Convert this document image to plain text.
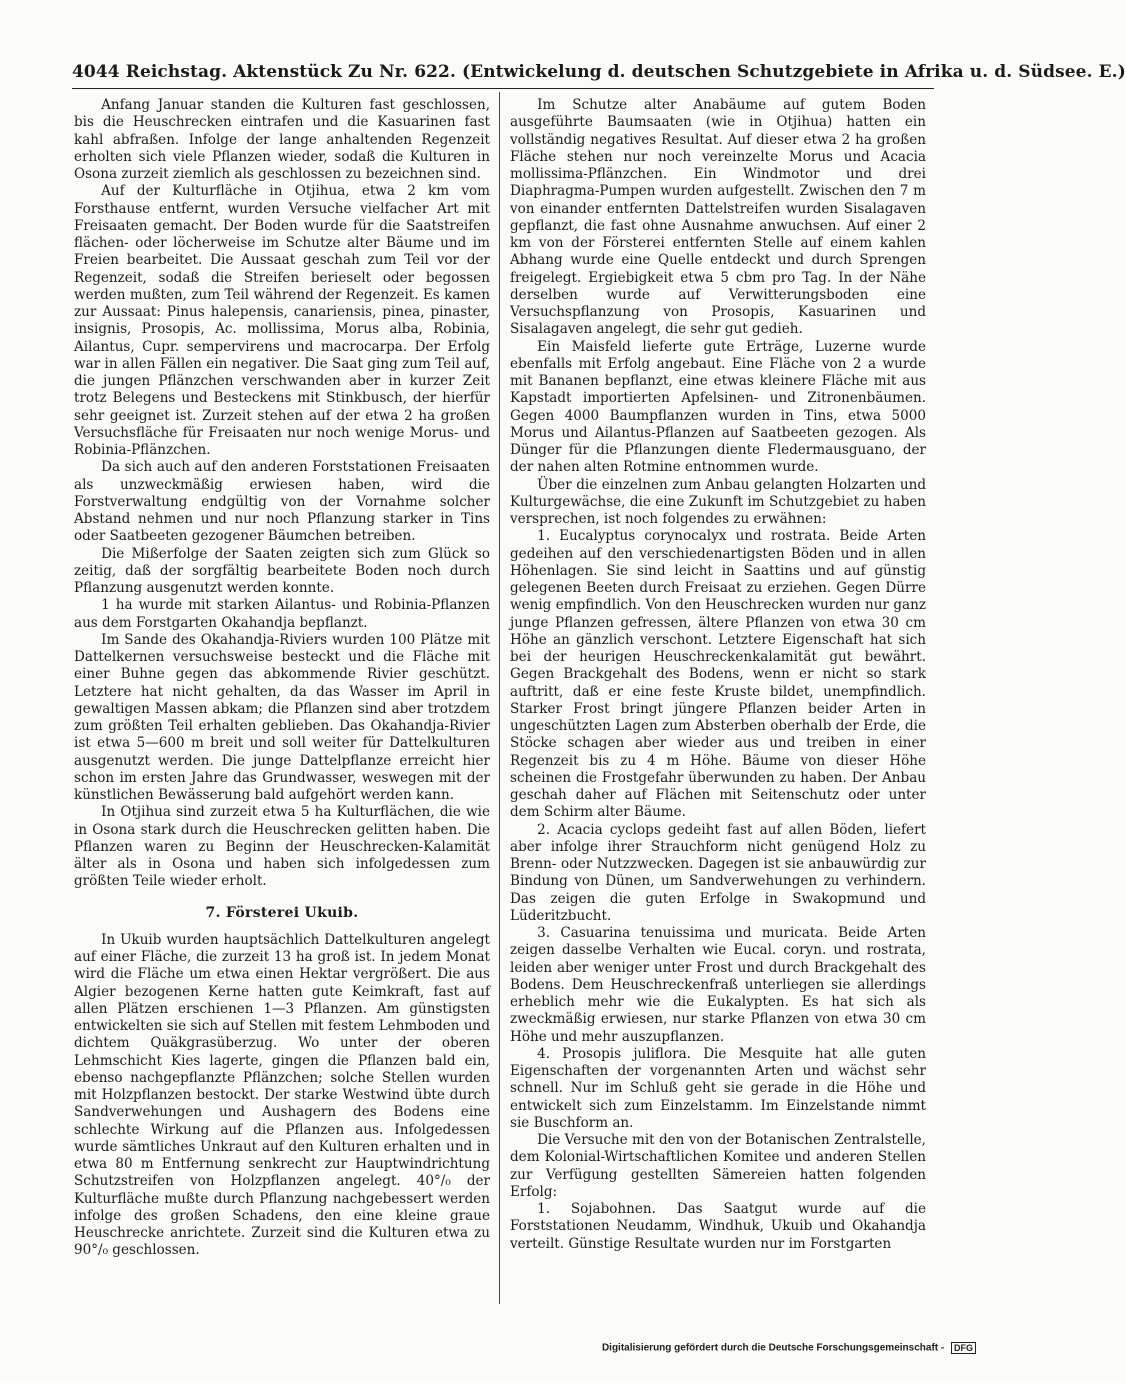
4044 Reichstag. Aktenstück Zu Nr. 622. (Entwickelung d. deutschen Schutzgebiete in Afrika u. d. Südsee. E.)

Anfang Januar standen die Kulturen fast geschlossen, bis die Heuschrecken eintrafen und die Kasuarinen fast kahl abfraßen. Infolge der lange anhaltenden Regenzeit erholten sich viele Pflanzen wieder, sodaß die Kulturen in Osona zurzeit ziemlich als geschlossen zu bezeichnen sind.

Auf der Kulturfläche in Otjihua, etwa 2 km vom Forsthause entfernt, wurden Versuche vielfacher Art mit Freisaaten gemacht. Der Boden wurde für die Saatstreifen flächen- oder löcherweise im Schutze alter Bäume und im Freien bearbeitet. Die Aussaat geschah zum Teil vor der Regenzeit, sodaß die Streifen berieselt oder begossen werden mußten, zum Teil während der Regenzeit. Es kamen zur Aussaat: Pinus halepensis, canariensis, pinea, pinaster, insignis, Prosopis, Ac. mollissima, Morus alba, Robinia, Ailantus, Cupr. sempervirens und macrocarpa. Der Erfolg war in allen Fällen ein negativer. Die Saat ging zum Teil auf, die jungen Pflänzchen verschwanden aber in kurzer Zeit trotz Belegens und Besteckens mit Stinkbusch, der hierfür sehr geeignet ist. Zurzeit stehen auf der etwa 2 ha großen Versuchsfläche für Freisaaten nur noch wenige Morus- und Robinia-Pflänzchen.

Da sich auch auf den anderen Forststationen Freisaaten als unzweckmäßig erwiesen haben, wird die Forstverwaltung endgültig von der Vornahme solcher Abstand nehmen und nur noch Pflanzung starker in Tins oder Saatbeeten gezogener Bäumchen betreiben.

Die Mißerfolge der Saaten zeigten sich zum Glück so zeitig, daß der sorgfältig bearbeitete Boden noch durch Pflanzung ausgenutzt werden konnte.

1 ha wurde mit starken Ailantus- und Robinia-Pflanzen aus dem Forstgarten Okahandja bepflanzt.

Im Sande des Okahandja-Riviers wurden 100 Plätze mit Dattelkernen versuchsweise besteckt und die Fläche mit einer Buhne gegen das abkommende Rivier geschützt. Letztere hat nicht gehalten, da das Wasser im April in gewaltigen Massen abkam; die Pflanzen sind aber trotzdem zum größten Teil erhalten geblieben. Das Okahandja-Rivier ist etwa 5—600 m breit und soll weiter für Dattelkulturen ausgenutzt werden. Die junge Dattelpflanze erreicht hier schon im ersten Jahre das Grundwasser, weswegen mit der künstlichen Bewässerung bald aufgehört werden kann.

In Otjihua sind zurzeit etwa 5 ha Kulturflächen, die wie in Osona stark durch die Heuschrecken gelitten haben. Die Pflanzen waren zu Beginn der Heuschrecken-Kalamität älter als in Osona und haben sich infolgedessen zum größten Teile wieder erholt.

7. Försterei Ukuib.

In Ukuib wurden hauptsächlich Dattelkulturen angelegt auf einer Fläche, die zurzeit 13 ha groß ist. In jedem Monat wird die Fläche um etwa einen Hektar vergrößert. Die aus Algier bezogenen Kerne hatten gute Keimkraft, fast auf allen Plätzen erschienen 1—3 Pflanzen. Am günstigsten entwickelten sie sich auf Stellen mit festem Lehmboden und dichtem Quäkgrasüberzug. Wo unter der oberen Lehmschicht Kies lagerte, gingen die Pflanzen bald ein, ebenso nachgepflanzte Pflänzchen; solche Stellen wurden mit Holzpflanzen bestockt. Der starke Westwind übte durch Sandverwehungen und Aushagern des Bodens eine schlechte Wirkung auf die Pflanzen aus. Infolgedessen wurde sämtliches Unkraut auf den Kulturen erhalten und in etwa 80 m Entfernung senkrecht zur Hauptwindrichtung Schutzstreifen von Holzpflanzen angelegt. 40°/₀ der Kulturfläche mußte durch Pflanzung nachgebessert werden infolge des großen Schadens, den eine kleine graue Heuschrecke anrichtete. Zurzeit sind die Kulturen etwa zu 90°/₀ geschlossen.

Im Schutze alter Anabäume auf gutem Boden ausgeführte Baumsaaten (wie in Otjihua) hatten ein vollständig negatives Resultat. Auf dieser etwa 2 ha großen Fläche stehen nur noch vereinzelte Morus und Acacia mollissima-Pflänzchen. Ein Windmotor und drei Diaphragma-Pumpen wurden aufgestellt. Zwischen den 7 m von einander entfernten Dattelstreifen wurden Sisalagaven gepflanzt, die fast ohne Ausnahme anwuchsen. Auf einer 2 km von der Försterei entfernten Stelle auf einem kahlen Abhang wurde eine Quelle entdeckt und durch Sprengen freigelegt. Ergiebigkeit etwa 5 cbm pro Tag. In der Nähe derselben wurde auf Verwitterungsboden eine Versuchspflanzung von Prosopis, Kasuarinen und Sisalagaven angelegt, die sehr gut gedieh.

Ein Maisfeld lieferte gute Erträge, Luzerne wurde ebenfalls mit Erfolg angebaut. Eine Fläche von 2 a wurde mit Bananen bepflanzt, eine etwas kleinere Fläche mit aus Kapstadt importierten Apfelsinen- und Zitronenbäumen. Gegen 4000 Baumpflanzen wurden in Tins, etwa 5000 Morus und Ailantus-Pflanzen auf Saatbeeten gezogen. Als Dünger für die Pflanzungen diente Fledermausguano, der der nahen alten Rotmine entnommen wurde.

Über die einzelnen zum Anbau gelangten Holzarten und Kulturgewächse, die eine Zukunft im Schutzgebiet zu haben versprechen, ist noch folgendes zu erwähnen:

1. Eucalyptus corynocalyx und rostrata. Beide Arten gedeihen auf den verschiedenartigsten Böden und in allen Höhenlagen. Sie sind leicht in Saattins und auf günstig gelegenen Beeten durch Freisaat zu erziehen. Gegen Dürre wenig empfindlich. Von den Heuschrecken wurden nur ganz junge Pflanzen gefressen, ältere Pflanzen von etwa 30 cm Höhe an gänzlich verschont. Letztere Eigenschaft hat sich bei der heurigen Heuschreckenkalamität gut bewährt. Gegen Brackgehalt des Bodens, wenn er nicht so stark auftritt, daß er eine feste Kruste bildet, unempfindlich. Starker Frost bringt jüngere Pflanzen beider Arten in ungeschützten Lagen zum Absterben oberhalb der Erde, die Stöcke schagen aber wieder aus und treiben in einer Regenzeit bis zu 4 m Höhe. Bäume von dieser Höhe scheinen die Frostgefahr überwunden zu haben. Der Anbau geschah daher auf Flächen mit Seitenschutz oder unter dem Schirm alter Bäume.

2. Acacia cyclops gedeiht fast auf allen Böden, liefert aber infolge ihrer Strauchform nicht genügend Holz zu Brenn- oder Nutzzwecken. Dagegen ist sie anbauwürdig zur Bindung von Dünen, um Sandverwehungen zu verhindern. Das zeigen die guten Erfolge in Swakopmund und Lüderitzbucht.

3. Casuarina tenuissima und muricata. Beide Arten zeigen dasselbe Verhalten wie Eucal. coryn. und rostrata, leiden aber weniger unter Frost und durch Brackgehalt des Bodens. Dem Heuschreckenfraß unterliegen sie allerdings erheblich mehr wie die Eukalypten. Es hat sich als zweckmäßig erwiesen, nur starke Pflanzen von etwa 30 cm Höhe und mehr auszupflanzen.

4. Prosopis juliflora. Die Mesquite hat alle guten Eigenschaften der vorgenannten Arten und wächst sehr schnell. Nur im Schluß geht sie gerade in die Höhe und entwickelt sich zum Einzelstamm. Im Einzelstande nimmt sie Buschform an.

Die Versuche mit den von der Botanischen Zentralstelle, dem Kolonial-Wirtschaftlichen Komitee und anderen Stellen zur Verfügung gestellten Sämereien hatten folgenden Erfolg:

1. Sojabohnen. Das Saatgut wurde auf die Forststationen Neudamm, Windhuk, Ukuib und Okahandja verteilt. Günstige Resultate wurden nur im Forstgarten

Digitalisierung gefördert durch die Deutsche Forschungsgemeinschaft - DFG
